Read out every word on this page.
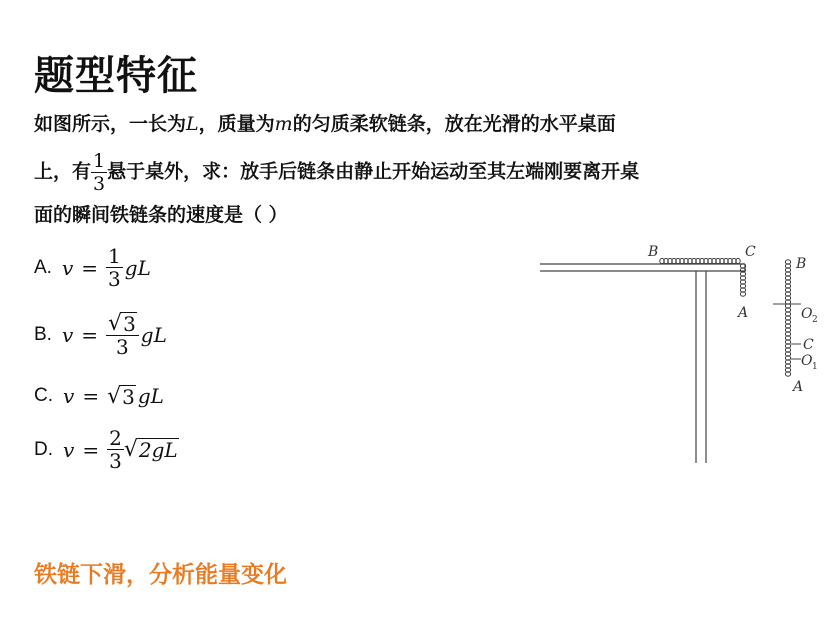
题型特征
如图所示，一长为L，质量为m的匀质柔软链条，放在光滑的水平桌面
上，有 $\frac{1}{3}$ 悬于桌外，求：放手后链条由静止开始运动至其左端刚要离开桌
面的瞬间铁链条的速度是（ ）
A. $v = \frac{1}{3}$ gL
B. $v = \frac{√ 3}{3}$ gL
C. v = √ 3 gL
D. $v = \frac{2}{3}$ √ 2gL
B	C
A
B
O 2
C
O 1
A
铁链下滑，分析能量变化
